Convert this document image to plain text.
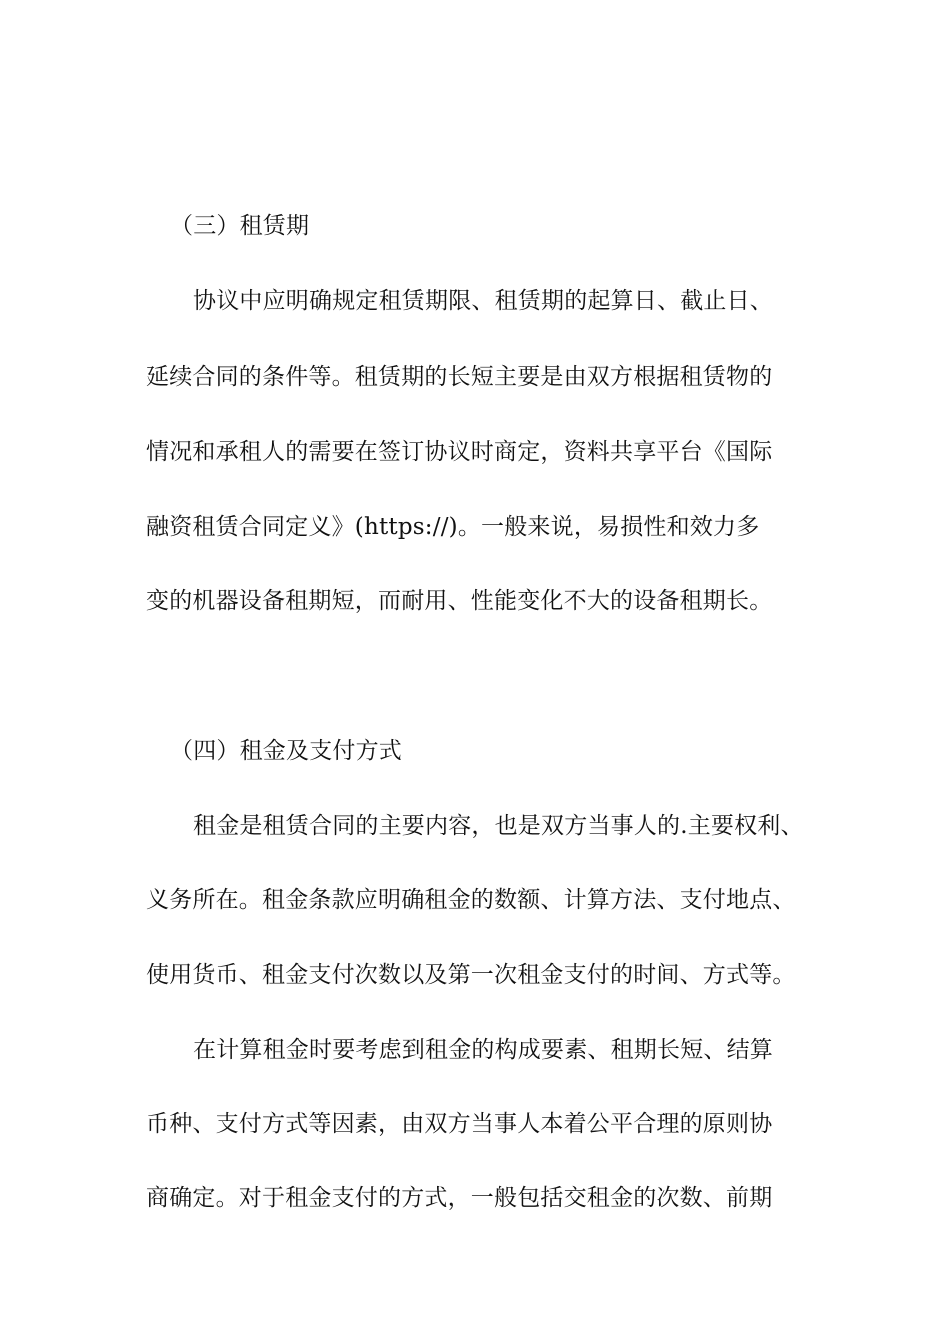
（三）租赁期
协议中应明确规定租赁期限、租赁期的起算日、截止日、
延续合同的条件等。租赁期的长短主要是由双方根据租赁物的
情况和承租人的需要在签订协议时商定，资料共享平台《国际
融资租赁合同定义》(https://)。一般来说，易损性和效力多
变的机器设备租期短，而耐用、性能变化不大的设备租期长。
（四）租金及支付方式
租金是租赁合同的主要内容，也是双方当事人的.主要权利、
义务所在。租金条款应明确租金的数额、计算方法、支付地点、
使用货币、租金支付次数以及第一次租金支付的时间、方式等。
在计算租金时要考虑到租金的构成要素、租期长短、结算
币种、支付方式等因素，由双方当事人本着公平合理的原则协
商确定。对于租金支付的方式，一般包括交租金的次数、前期
